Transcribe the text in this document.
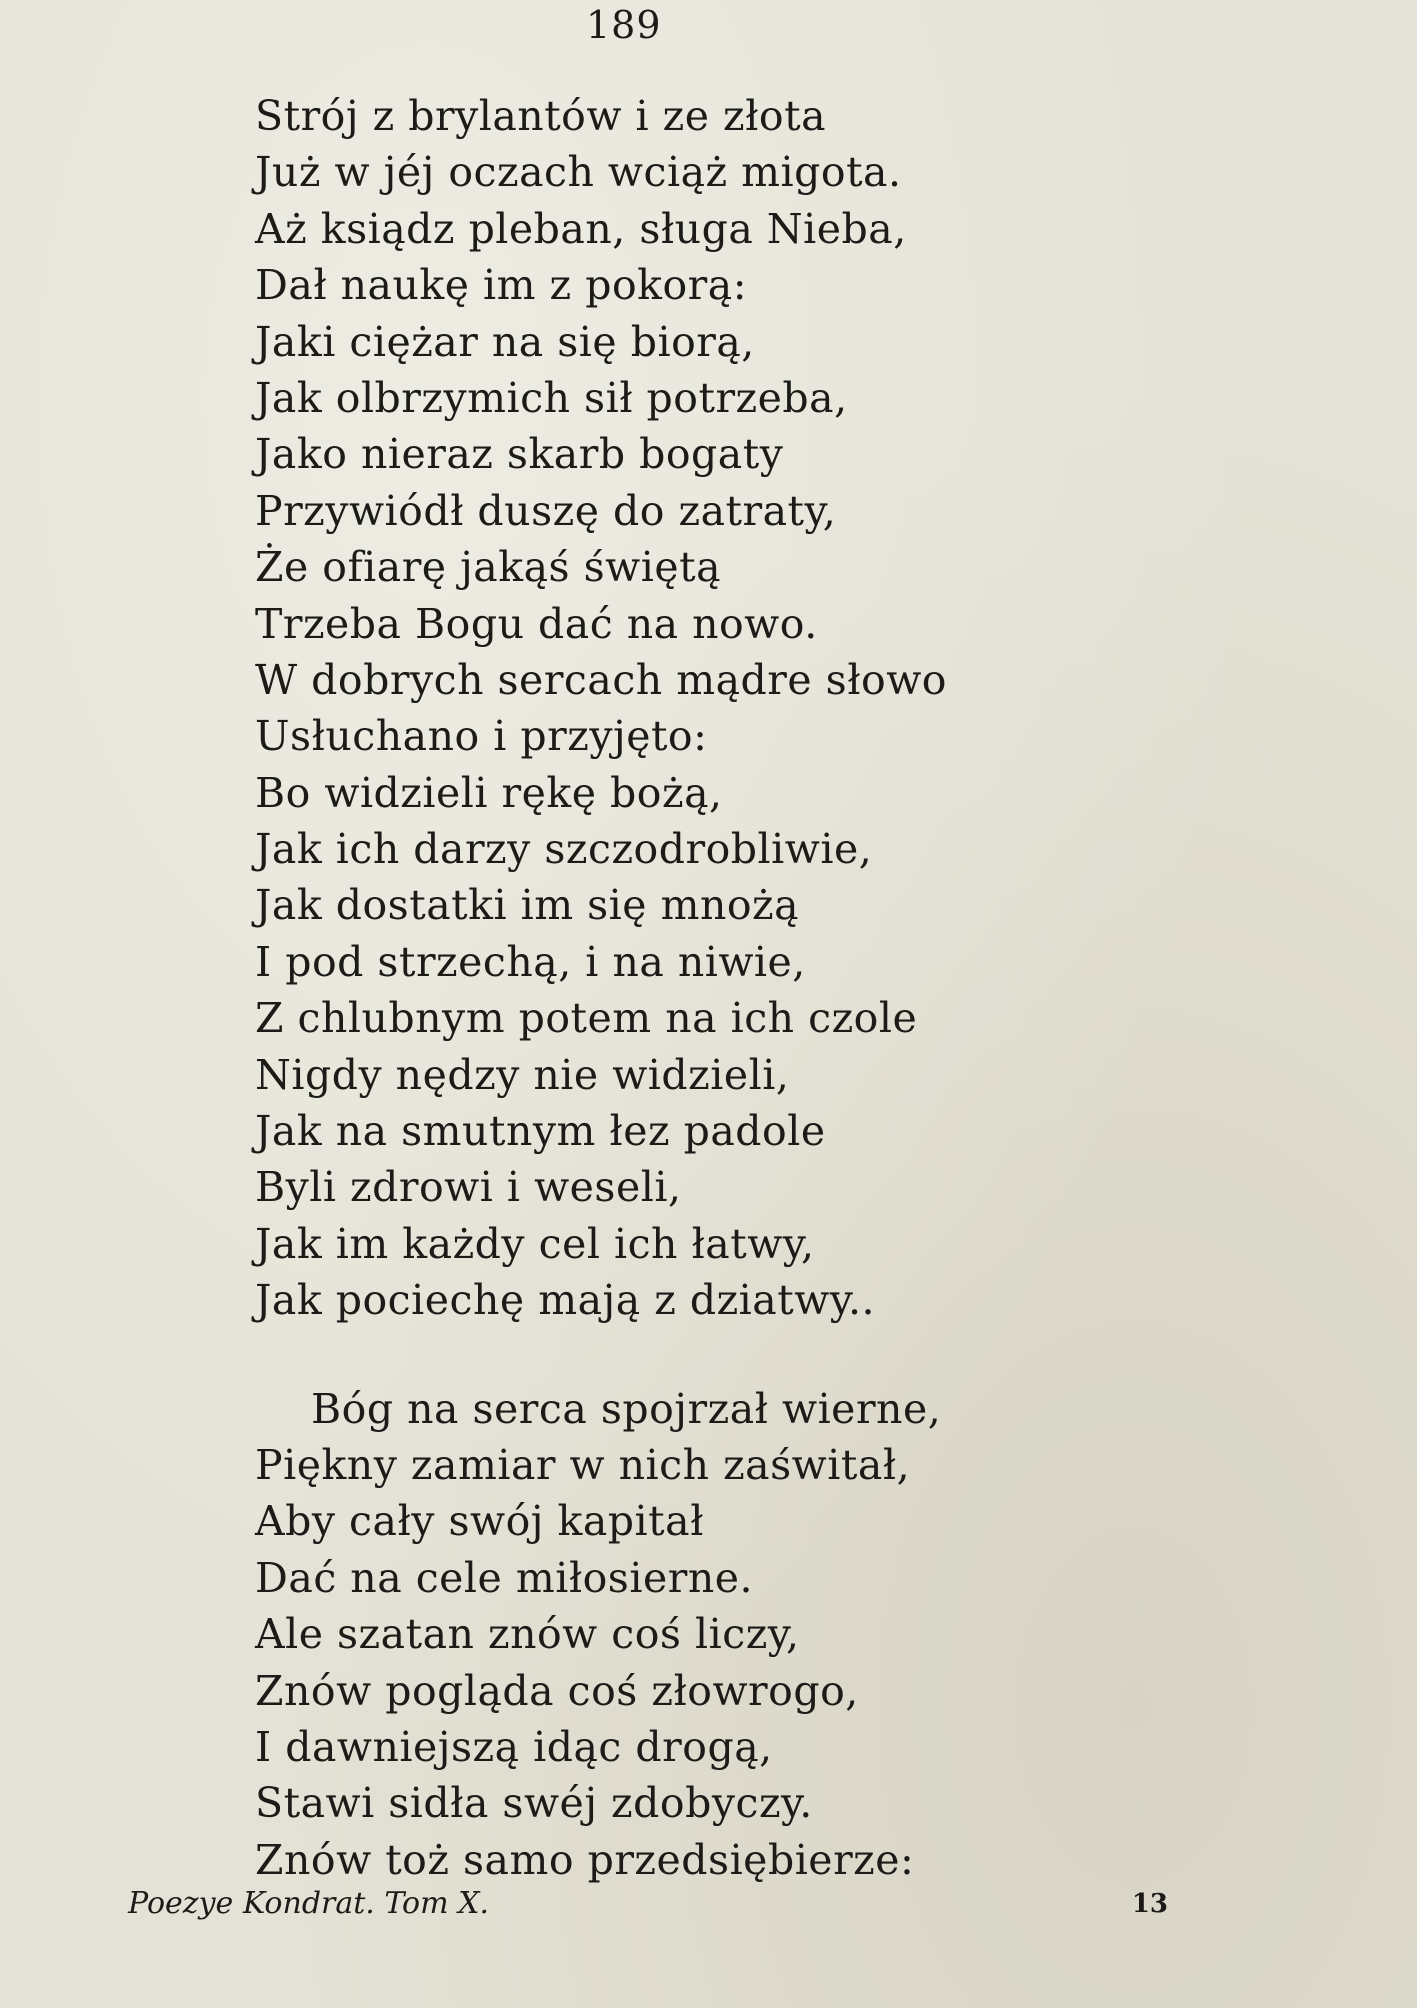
189
Strój z brylantów i ze złota
Już w jéj oczach wciąż migota.
Aż ksiądz pleban, sługa Nieba,
Dał naukę im z pokorą:
Jaki ciężar na się biorą,
Jak olbrzymich sił potrzeba,
Jako nieraz skarb bogaty
Przywiódł duszę do zatraty,
Że ofiarę jakąś świętą
Trzeba Bogu dać na nowo.
W dobrych sercach mądre słowo
Usłuchano i przyjęto:
Bo widzieli rękę bożą,
Jak ich darzy szczodrobliwie,
Jak dostatki im się mnożą
I pod strzechą, i na niwie,
Z chlubnym potem na ich czole
Nigdy nędzy nie widzieli,
Jak na smutnym łez padole
Byli zdrowi i weseli,
Jak im każdy cel ich łatwy,
Jak pociechę mają z dziatwy..
Bóg na serca spojrzał wierne,
Piękny zamiar w nich zaświtał,
Aby cały swój kapitał
Dać na cele miłosierne.
Ale szatan znów coś liczy,
Znów pogląda coś złowrogo,
I dawniejszą idąc drogą,
Stawi sidła swéj zdobyczy.
Znów toż samo przedsiębierze:
Poezye Kondrat. Tom X.	13
